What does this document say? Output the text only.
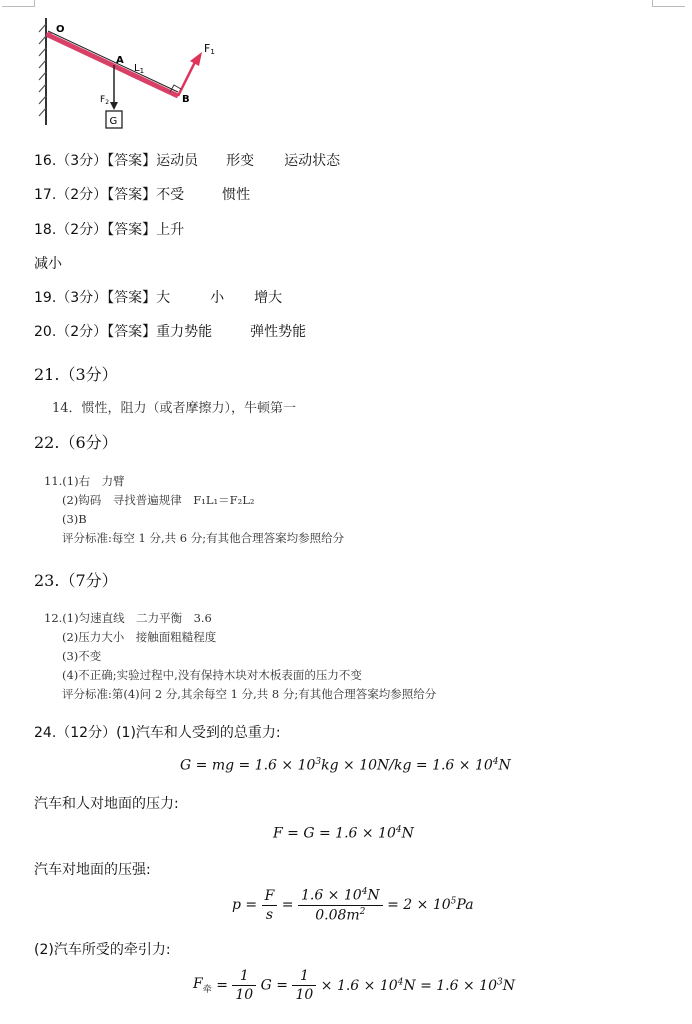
G
O
A
$L_1$
F1
B
$F_2$
16.（3分）【答案】运动员 形变 运动状态
17.（2分）【答案】不受	惯性
18.（2分）【答案】上升
减小
19.（3分）【答案】大	小 增大
20.（2分）【答案】重力势能	弹性势能
21.（3分）
14．惯性，阻力（或者摩擦力），牛顿第一
22.（6分）
11.(1)右　力臂
(2)钩码　寻找普遍规律　F₁L₁＝F₂L₂
(3)B
评分标准:每空 1 分,共 6 分;有其他合理答案均参照给分
23.（7分）
12.(1)匀速直线　二力平衡　3.6
(2)压力大小　接触面粗糙程度
(3)不变
(4)不正确;实验过程中,没有保持木块对木板表面的压力不变
评分标准:第(4)问 2 分,其余每空 1 分,共 8 分;有其他合理答案均参照给分
24.（12分）(1)汽车和人受到的总重力:
G = mg = $1.6 \times 10^3kg \times 10N/kg = 1.6 \times 10^4N$
汽车和人对地面的压力:
$F = G = 1.6 \times 10^4N$
汽车对地面的压强:
$p = \frac{F}{s} = \frac{1.6 \times 10^4N}{0.08m^2} = 2 \times 10^5Pa$
(2)汽车所受的牵引力:
$F_牵 = \frac{1}{10}$ $G = \frac{1}{10} \times 1.6 \times 10^4N = 1.6 \times 10^3N$
